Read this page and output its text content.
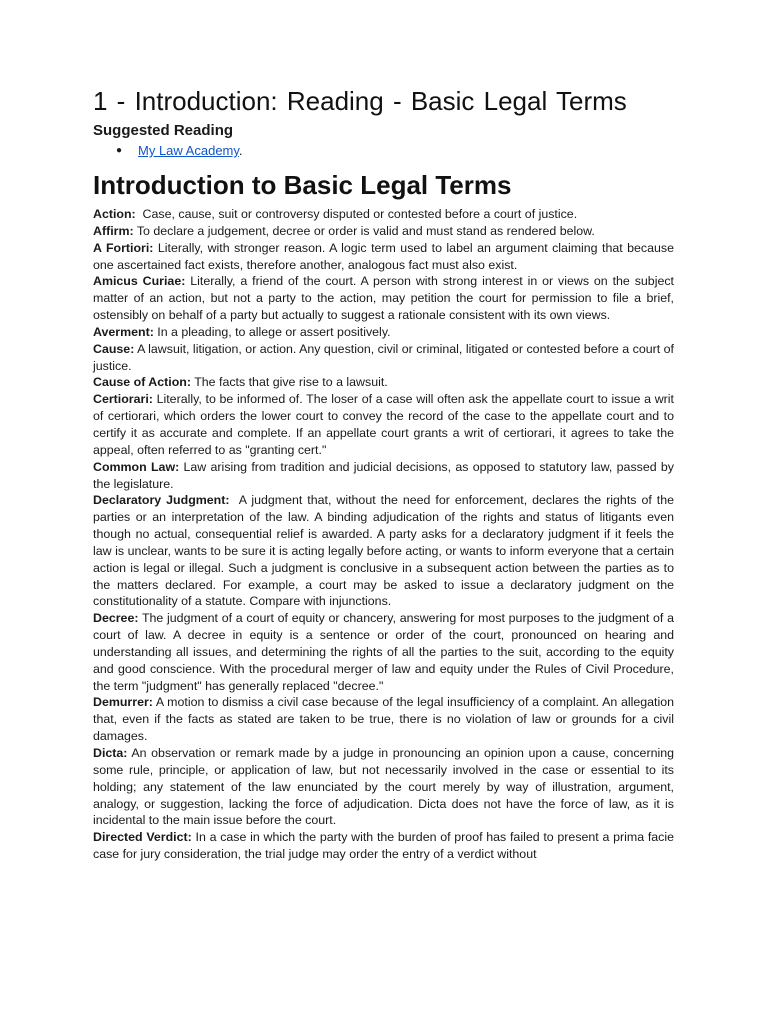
1 - Introduction: Reading - Basic Legal Terms
Suggested Reading
● My Law Academy.
Introduction to Basic Legal Terms

Action:  Case, cause, suit or controversy disputed or contested before a court of justice.

Affirm: To declare a judgement, decree or order is valid and must stand as rendered below.

A Fortiori: Literally, with stronger reason. A logic term used to label an argument claiming that because one ascertained fact exists, therefore another, analogous fact must also exist.

Amicus Curiae: Literally, a friend of the court. A person with strong interest in or views on the subject matter of an action, but not a party to the action, may petition the court for permission to file a brief, ostensibly on behalf of a party but actually to suggest a rationale consistent with its own views.

Averment: In a pleading, to allege or assert positively.

Cause: A lawsuit, litigation, or action. Any question, civil or criminal, litigated or contested before a court of justice.

Cause of Action: The facts that give rise to a lawsuit.

Certiorari: Literally, to be informed of. The loser of a case will often ask the appellate court to issue a writ of certiorari, which orders the lower court to convey the record of the case to the appellate court and to certify it as accurate and complete. If an appellate court grants a writ of certiorari, it agrees to take the appeal, often referred to as "granting cert."

Common Law: Law arising from tradition and judicial decisions, as opposed to statutory law, passed by the legislature.

Declaratory Judgment:  A judgment that, without the need for enforcement, declares the rights of the parties or an interpretation of the law. A binding adjudication of the rights and status of litigants even though no actual, consequential relief is awarded. A party asks for a declaratory judgment if it feels the law is unclear, wants to be sure it is acting legally before acting, or wants to inform everyone that a certain action is legal or illegal. Such a judgment is conclusive in a subsequent action between the parties as to the matters declared. For example, a court may be asked to issue a declaratory judgment on the constitutionality of a statute. Compare with injunctions.

Decree: The judgment of a court of equity or chancery, answering for most purposes to the judgment of a court of law. A decree in equity is a sentence or order of the court, pronounced on hearing and understanding all issues, and determining the rights of all the parties to the suit, according to the equity and good conscience. With the procedural merger of law and equity under the Rules of Civil Procedure, the term "judgment" has generally replaced "decree."

Demurrer: A motion to dismiss a civil case because of the legal insufficiency of a complaint. An allegation that, even if the facts as stated are taken to be true, there is no violation of law or grounds for a civil damages.

Dicta: An observation or remark made by a judge in pronouncing an opinion upon a cause, concerning some rule, principle, or application of law, but not necessarily involved in the case or essential to its holding; any statement of the law enunciated by the court merely by way of illustration, argument, analogy, or suggestion, lacking the force of adjudication. Dicta does not have the force of law, as it is incidental to the main issue before the court.

Directed Verdict: In a case in which the party with the burden of proof has failed to present a prima facie case for jury consideration, the trial judge may order the entry of a verdict without
